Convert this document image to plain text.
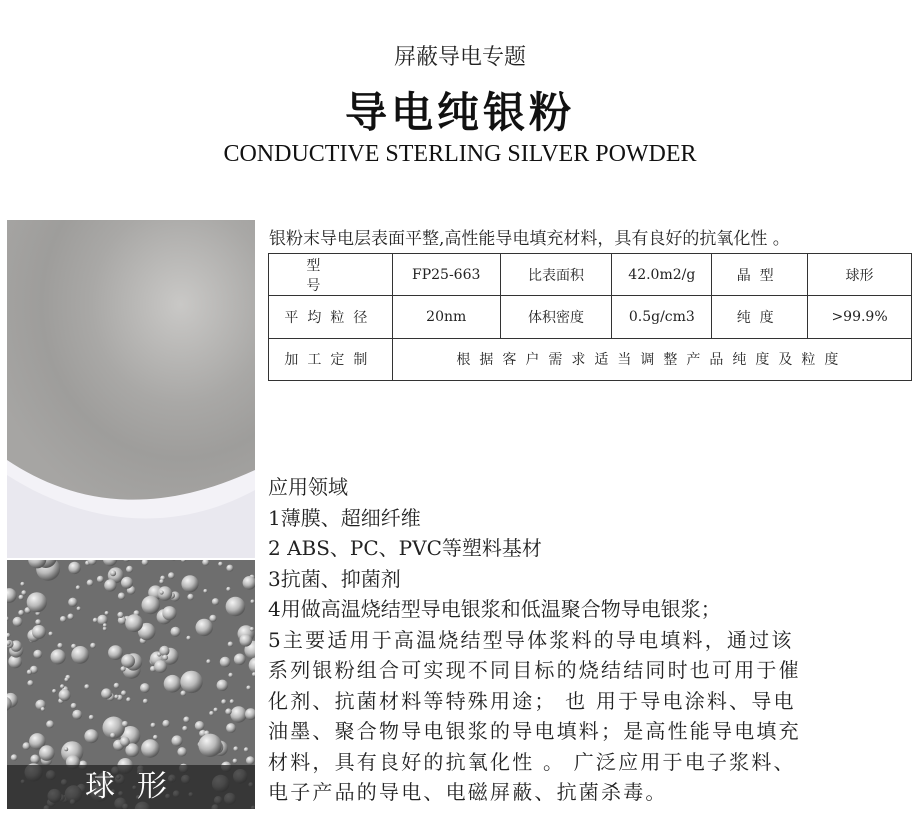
屏蔽导电专题
导电纯银粉
CONDUCTIVE STERLING SILVER POWDER
球形
银粉末导电层表面平整,高性能导电填充材料，具有良好的抗氧化性 。
型 号	FP25-663	比表面积	42.0m2/g	晶型	球形
平均粒径	20nm	体积密度	0.5g/cm3	纯度	>99.9%
加工定制	根据客户需求适当调整产品纯度及粒度				

应用领域

1薄膜、超细纤维

2 ABS、PC、PVC等塑料基材

3抗菌、抑菌剂

4用做高温烧结型导电银浆和低温聚合物导电银浆；

5主要适用于高温烧结型导体浆料的导电填料，通过该

系列银粉组合可实现不同目标的烧结结同时也可用于催

化剂、抗菌材料等特殊用途； 也 用于导电涂料、导电

油墨、聚合物导电银浆的导电填料；是高性能导电填充

材料，具有良好的抗氧化性 。 广泛应用于电子浆料、

电子产品的导电、电磁屏蔽、抗菌杀毒。
